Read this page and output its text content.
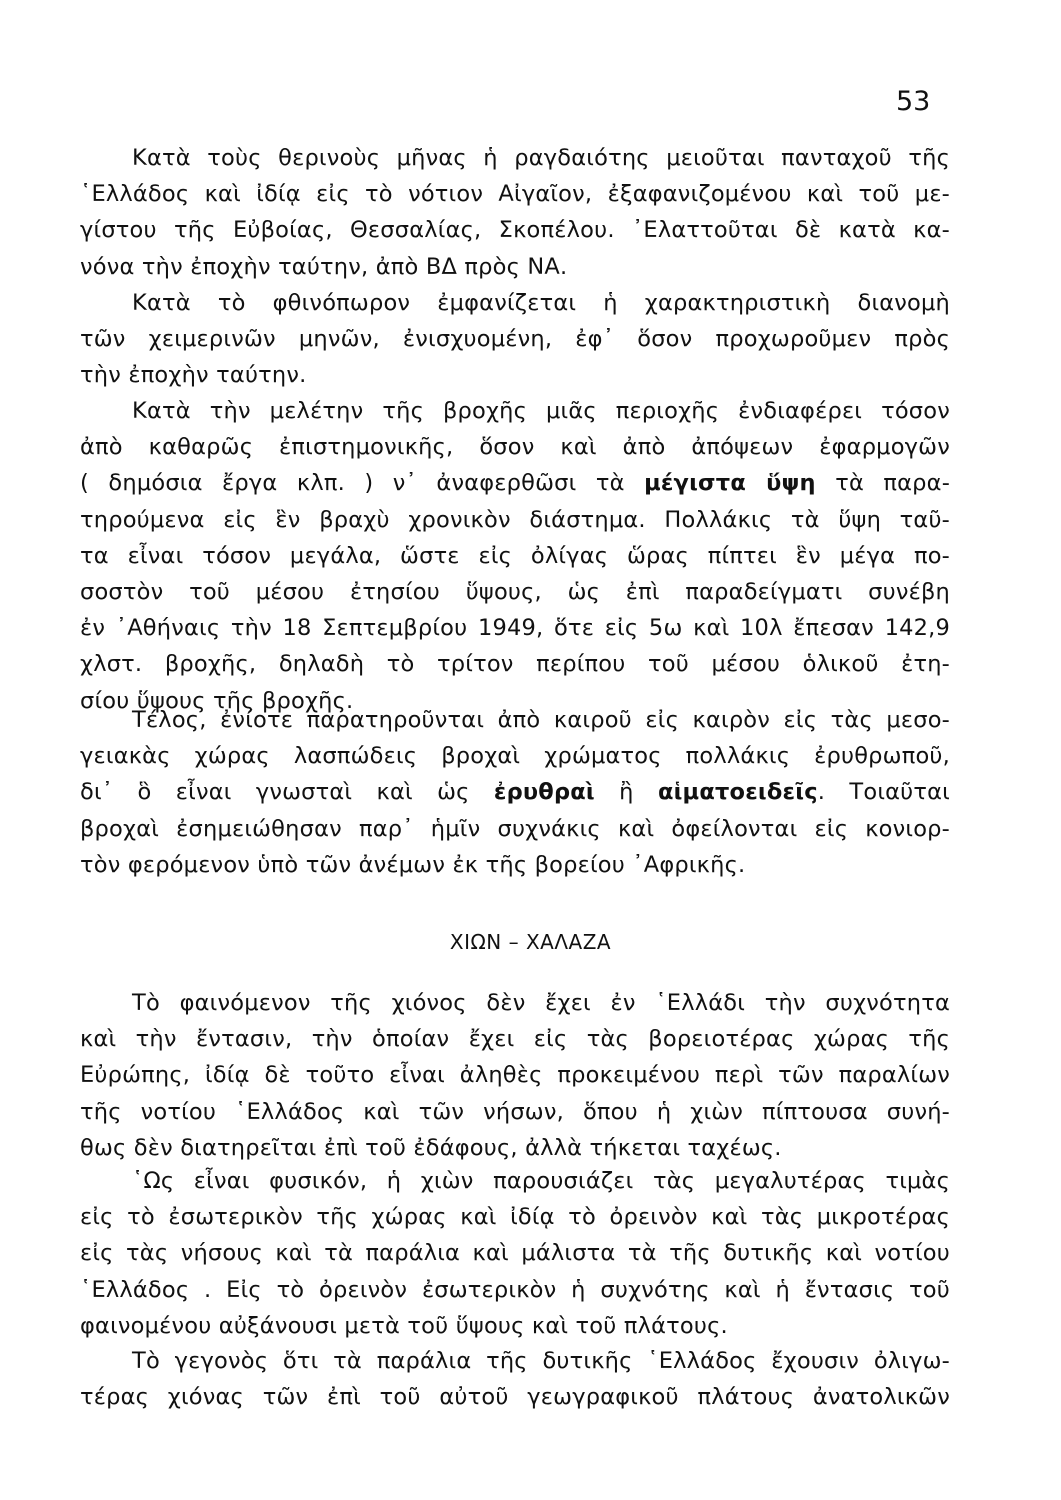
53
Κατὰ τοὺς θερινοὺς μῆνας ἡ ραγδαιότης μειοῦται πανταχοῦ τῆς
῾Ελλάδος καὶ ἰδίᾳ εἰς τὸ νότιον Αἰγαῖον, ἐξαφανιζομένου καὶ τοῦ με-
γίστου τῆς Εὐβοίας, Θεσσαλίας, Σκοπέλου. ᾽Ελαττοῦται δὲ κατὰ κα-
νόνα τὴν ἐποχὴν ταύτην, ἀπὸ ΒΔ πρὸς ΝΑ.
Κατὰ τὸ φθινόπωρον ἐμφανίζεται ἡ χαρακτηριστικὴ διανομὴ
τῶν χειμερινῶν μηνῶν, ἐνισχυομένη, ἐφ᾽ ὅσον προχωροῦμεν πρὸς
τὴν ἐποχὴν ταύτην.
Κατὰ τὴν μελέτην τῆς βροχῆς μιᾶς περιοχῆς ἐνδιαφέρει τόσον
ἀπὸ καθαρῶς ἐπιστημονικῆς, ὅσον καὶ ἀπὸ ἀπόψεων ἐφαρμογῶν
( δημόσια ἔργα κλπ. ) ν᾽ ἀναφερθῶσι τὰ μέγιστα ὕψη τὰ παρα-
τηρούμενα εἰς ἓν βραχὺ χρονικὸν διάστημα. Πολλάκις τὰ ὕψη ταῦ-
τα εἶναι τόσον μεγάλα, ὥστε εἰς ὀλίγας ὥρας πίπτει ἓν μέγα πο-
σοστὸν τοῦ μέσου ἐτησίου ὕψους, ὡς ἐπὶ παραδείγματι συνέβη
ἐν ᾽Αθήναις τὴν 18 Σεπτεμβρίου 1949, ὅτε εἰς 5ω καὶ 10λ ἔπεσαν 142,9
χλστ. βροχῆς, δηλαδὴ τὸ τρίτον περίπου τοῦ μέσου ὁλικοῦ ἐτη-
σίου ὕψους τῆς βροχῆς.
Τέλος, ἐνίοτε παρατηροῦνται ἀπὸ καιροῦ εἰς καιρὸν εἰς τὰς μεσο-
γειακὰς χώρας λασπώδεις βροχαὶ χρώματος πολλάκις ἐρυθρωποῦ,
δι᾽ ὃ εἶναι γνωσταὶ καὶ ὡς ἐρυθραὶ ἢ αἱματοειδεῖς. Τοιαῦται
βροχαὶ ἐσημειώθησαν παρ᾽ ἡμῖν συχνάκις καὶ ὀφείλονται εἰς κονιορ-
τὸν φερόμενον ὑπὸ τῶν ἀνέμων ἐκ τῆς βορείου ᾽Αφρικῆς.
ΧΙΩΝ – ΧΑΛΑΖΑ
Τὸ φαινόμενον τῆς χιόνος δὲν ἔχει ἐν ῾Ελλάδι τὴν συχνότητα
καὶ τὴν ἔντασιν, τὴν ὁποίαν ἔχει εἰς τὰς βορειοτέρας χώρας τῆς
Εὐρώπης, ἰδίᾳ δὲ τοῦτο εἶναι ἀληθὲς προκειμένου περὶ τῶν παραλίων
τῆς νοτίου ῾Ελλάδος καὶ τῶν νήσων, ὅπου ἡ χιὼν πίπτουσα συνή-
θως δὲν διατηρεῖται ἐπὶ τοῦ ἐδάφους, ἀλλὰ τήκεται ταχέως.
῾Ως εἶναι φυσικόν, ἡ χιὼν παρουσιάζει τὰς μεγαλυτέρας τιμὰς
εἰς τὸ ἐσωτερικὸν τῆς χώρας καὶ ἰδίᾳ τὸ ὀρεινὸν καὶ τὰς μικροτέρας
εἰς τὰς νήσους καὶ τὰ παράλια καὶ μάλιστα τὰ τῆς δυτικῆς καὶ νοτίου
῾Ελλάδος . Εἰς τὸ ὀρεινὸν ἐσωτερικὸν ἡ συχνότης καὶ ἡ ἔντασις τοῦ
φαινομένου αὐξάνουσι μετὰ τοῦ ὕψους καὶ τοῦ πλάτους.
Τὸ γεγονὸς ὅτι τὰ παράλια τῆς δυτικῆς ῾Ελλάδος ἔχουσιν ὀλιγω-
τέρας χιόνας τῶν ἐπὶ τοῦ αὐτοῦ γεωγραφικοῦ πλάτους ἀνατολικῶν
